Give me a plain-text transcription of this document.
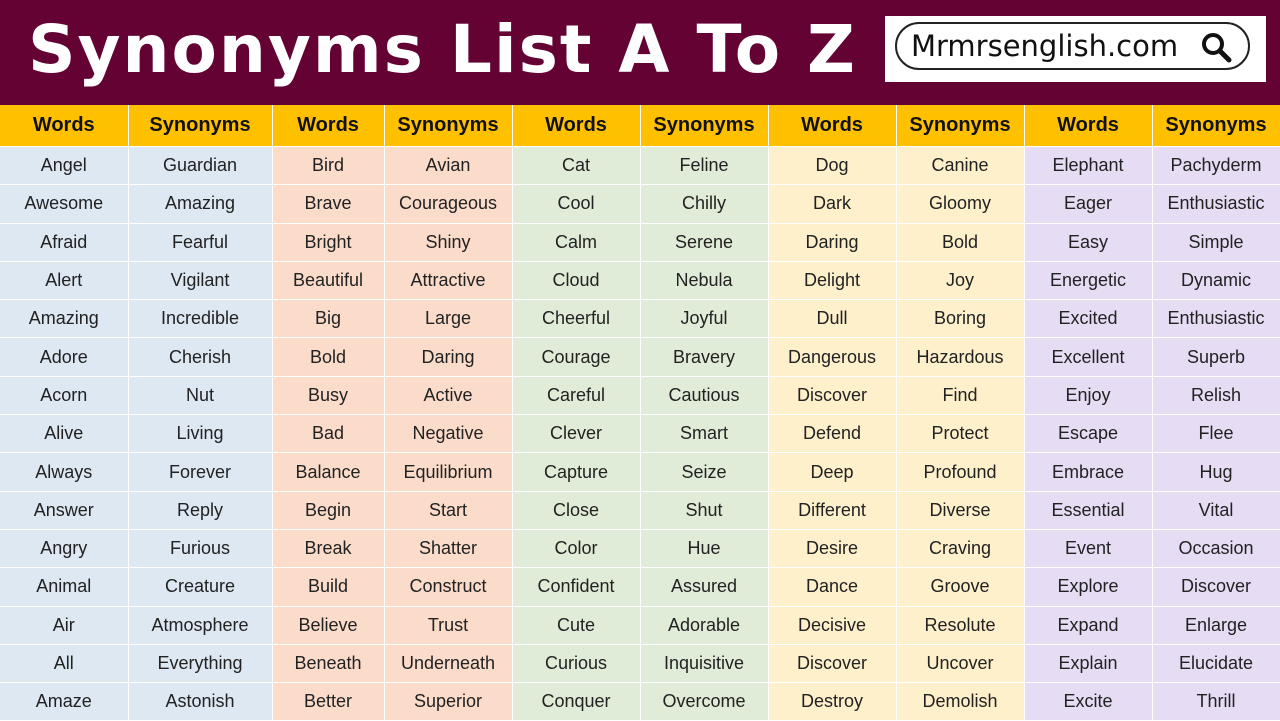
Synonyms List A To Z Mrmrsenglish.com
Words	Synonyms	Words	Synonyms	Words	Synonyms	Words	Synonyms	Words	Synonyms
Angel	Guardian	Bird	Avian	Cat	Feline	Dog	Canine	Elephant	Pachyderm
Awesome	Amazing	Brave	Courageous	Cool	Chilly	Dark	Gloomy	Eager	Enthusiastic
Afraid	Fearful	Bright	Shiny	Calm	Serene	Daring	Bold	Easy	Simple
Alert	Vigilant	Beautiful	Attractive	Cloud	Nebula	Delight	Joy	Energetic	Dynamic
Amazing	Incredible	Big	Large	Cheerful	Joyful	Dull	Boring	Excited	Enthusiastic
Adore	Cherish	Bold	Daring	Courage	Bravery	Dangerous	Hazardous	Excellent	Superb
Acorn	Nut	Busy	Active	Careful	Cautious	Discover	Find	Enjoy	Relish
Alive	Living	Bad	Negative	Clever	Smart	Defend	Protect	Escape	Flee
Always	Forever	Balance	Equilibrium	Capture	Seize	Deep	Profound	Embrace	Hug
Answer	Reply	Begin	Start	Close	Shut	Different	Diverse	Essential	Vital
Angry	Furious	Break	Shatter	Color	Hue	Desire	Craving	Event	Occasion
Animal	Creature	Build	Construct	Confident	Assured	Dance	Groove	Explore	Discover
Air	Atmosphere	Believe	Trust	Cute	Adorable	Decisive	Resolute	Expand	Enlarge
All	Everything	Beneath	Underneath	Curious	Inquisitive	Discover	Uncover	Explain	Elucidate
Amaze	Astonish	Better	Superior	Conquer	Overcome	Destroy	Demolish	Excite	Thrill
